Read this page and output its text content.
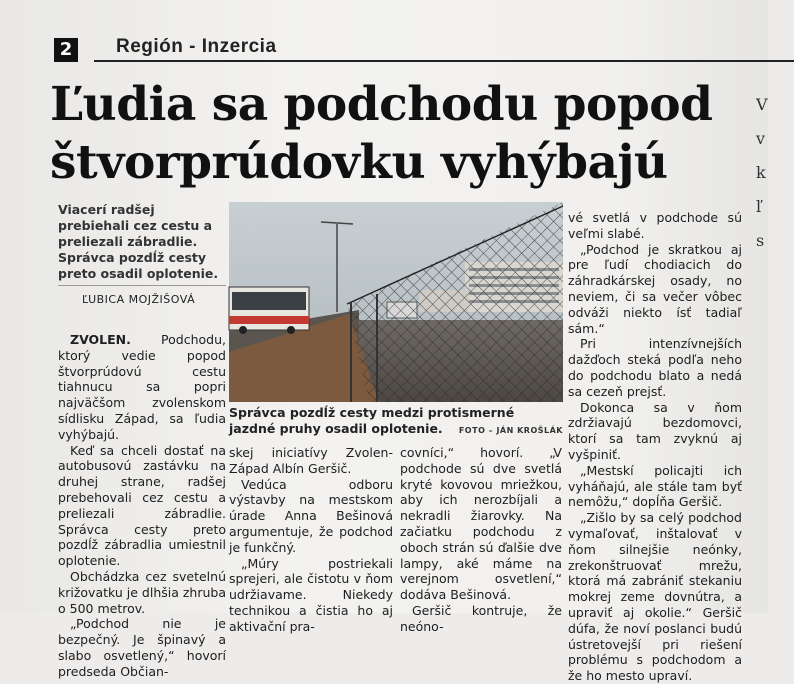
2	Región - Inzercia
Ľudia sa podchodu popod
štvorprúdovku vyhýbajú
V
v
k
ľ
s
Viacerí radšej prebiehali cez cestu a preliezali zábradlie. Správca pozdĺž cesty preto osadil oplotenie.
ĽUBICA MOJŽIŠOVÁ
Správca pozdĺž cesty medzi protismerné jazdné pruhy osadil oplotenie. FOTO – JÁN KROŠLÁK

ZVOLEN. Podchodu, ktorý vedie popod štvorprúdovú cestu tiahnucu sa popri najväčšom zvolenskom sídlisku Západ, sa ľudia vyhýbajú.

Keď sa chceli dostať na autobusovú zastávku na druhej strane, radšej prebehovali cez cestu a preliezali zábradlie. Správca cesty preto pozdĺž zábradlia umiestnil oplotenie.

Obchádzka cez svetelnú križovatku je dlhšia zhruba o 500 metrov.

„Podchod nie je bezpečný. Je špinavý a slabo osvetlený,“ hovorí predseda Občian-

skej iniciatívy Zvolen-Západ Albín Geršič.

Vedúca odboru výstavby na mestskom úrade Anna Bešinová argumentuje, že podchod je funkčný.

„Múry postriekali sprejeri, ale čistotu v ňom udržiavame. Niekedy technikou a čistia ho aj aktivační pra-

covníci,“ hovorí. „V podchode sú dve svetlá kryté kovovou mriežkou, aby ich nerozbíjali a nekradli žiarovky. Na začiatku podchodu z oboch strán sú ďalšie dve lampy, aké máme na verejnom osvetlení,“ dodáva Bešinová.

Geršič kontruje, že neóno-

vé svetlá v podchode sú veľmi slabé.

„Podchod je skratkou aj pre ľudí chodiacich do záhradkárskej osady, no neviem, či sa večer vôbec odváži niekto ísť tadiaľ sám.“

Pri intenzívnejších dažďoch steká podľa neho do podchodu blato a nedá sa cezeň prejsť.

Dokonca sa v ňom zdržiavajú bezdomovci, ktorí sa tam zvyknú aj vyšpiniť.

„Mestskí policajti ich vyháňajú, ale stále tam byť nemôžu,“ dopĺňa Geršič.

„Zišlo by sa celý podchod vymaľovať, inštalovať v ňom silnejšie neónky, zrekonštruovať mrežu, ktorá má zabrániť stekaniu mokrej zeme dovnútra, a upraviť aj okolie.“ Geršič dúfa, že noví poslanci budú ústretovejší pri riešení problému s podchodom a že ho mesto upraví.
